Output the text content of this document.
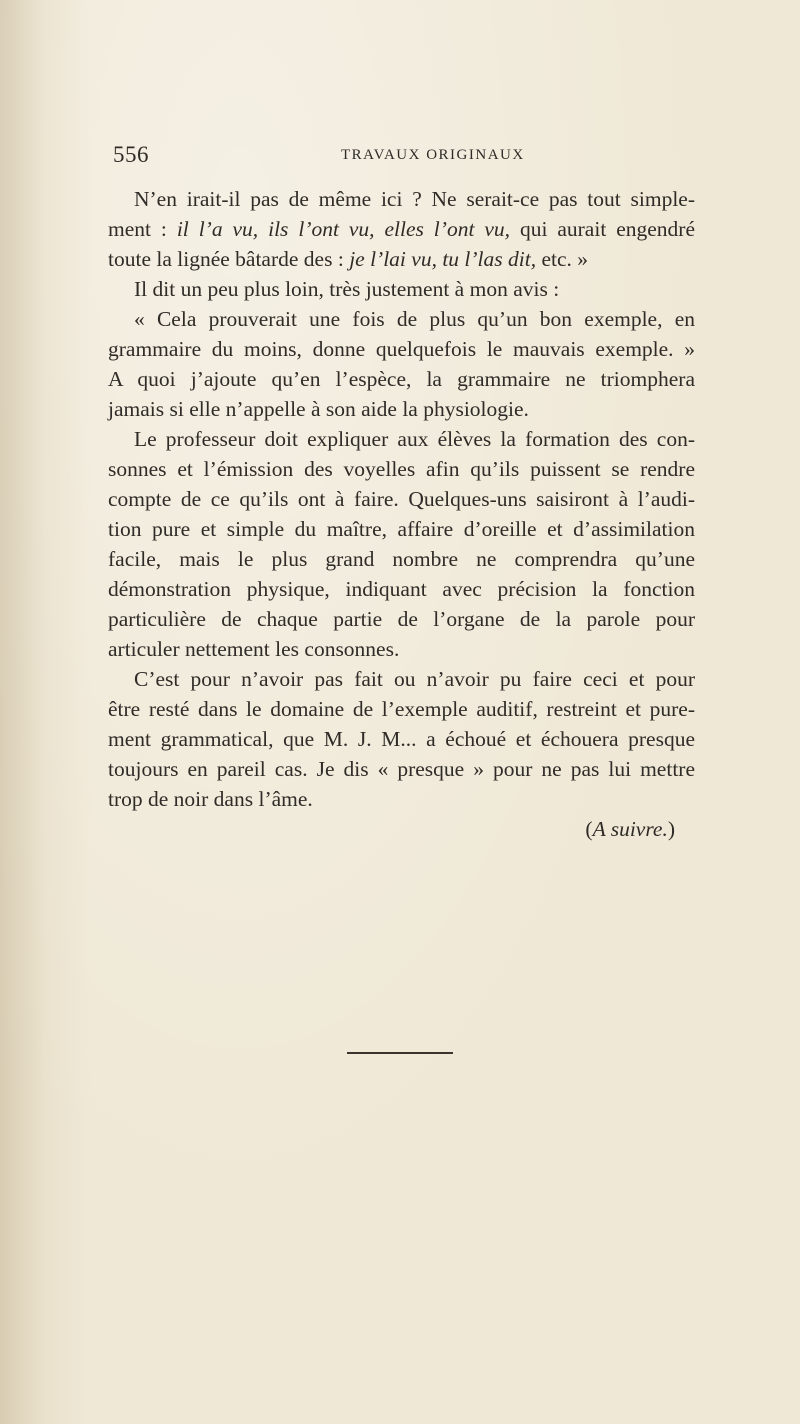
556	TRAVAUX ORIGINAUX
N’en irait-il pas de même ici ? Ne serait-ce pas tout simple-
ment : il l’a vu, ils l’ont vu, elles l’ont vu, qui aurait engendré
toute la lignée bâtarde des : je l’lai vu, tu l’las dit, etc. »
Il dit un peu plus loin, très justement à mon avis :
« Cela prouverait une fois de plus qu’un bon exemple, en
grammaire du moins, donne quelquefois le mauvais exemple. »
A quoi j’ajoute qu’en l’espèce, la grammaire ne triomphera
jamais si elle n’appelle à son aide la physiologie.
Le professeur doit expliquer aux élèves la formation des con-
sonnes et l’émission des voyelles afin qu’ils puissent se rendre
compte de ce qu’ils ont à faire. Quelques-uns saisiront à l’audi-
tion pure et simple du maître, affaire d’oreille et d’assimilation
facile, mais le plus grand nombre ne comprendra qu’une
démonstration physique, indiquant avec précision la fonction
particulière de chaque partie de l’organe de la parole pour
articuler nettement les consonnes.
C’est pour n’avoir pas fait ou n’avoir pu faire ceci et pour
être resté dans le domaine de l’exemple auditif, restreint et pure-
ment grammatical, que M. J. M... a échoué et échouera presque
toujours en pareil cas. Je dis « presque » pour ne pas lui mettre
trop de noir dans l’âme.
(A suivre.)
